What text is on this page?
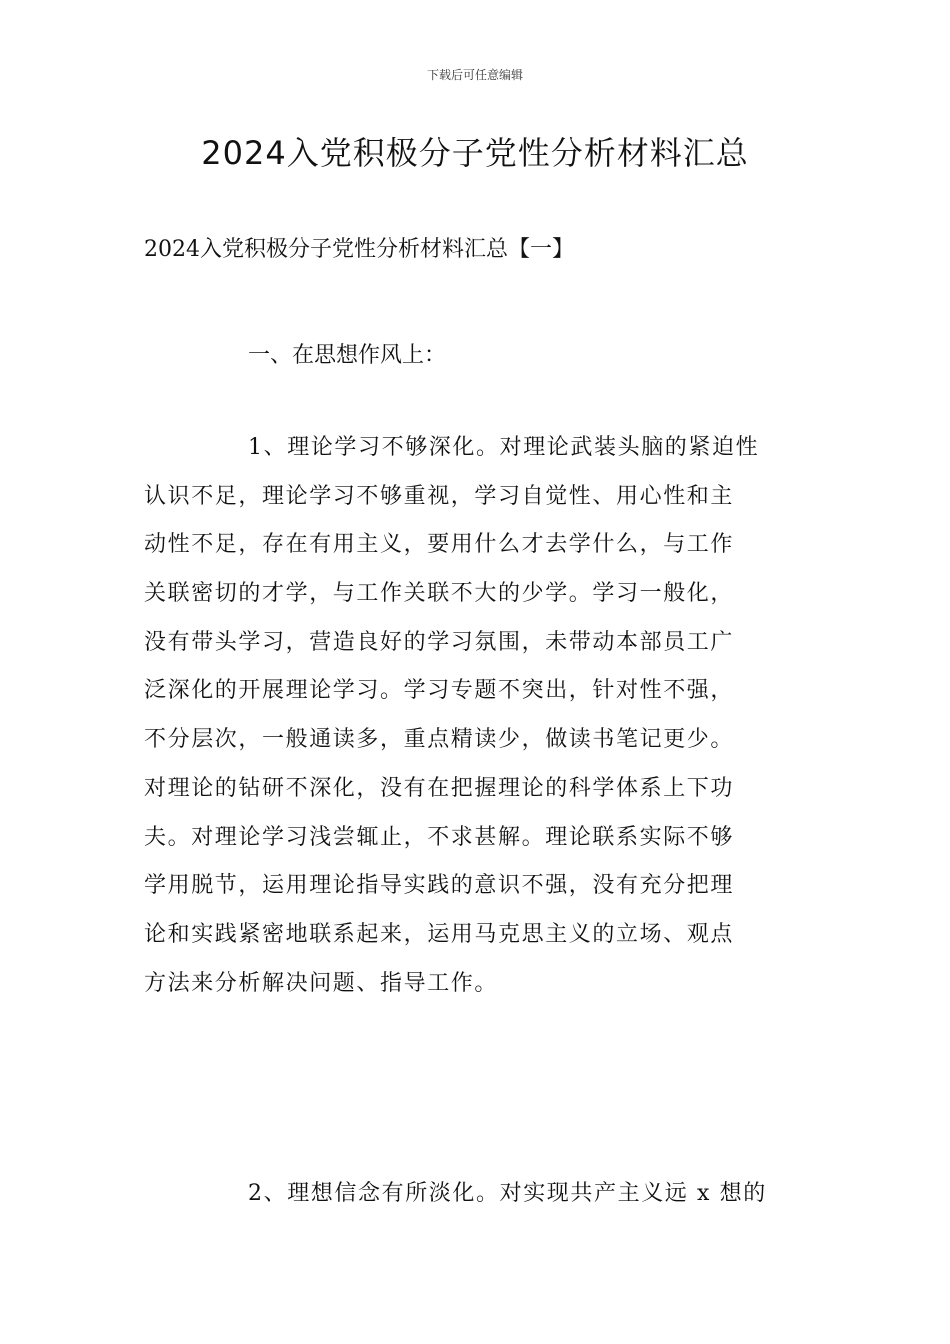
下载后可任意编辑
2024入党积极分子党性分析材料汇总
2024入党积极分子党性分析材料汇总【一】
一、在思想作风上：
1、理论学习不够深化。对理论武装头脑的紧迫性
认识不足，理论学习不够重视，学习自觉性、用心性和主
动性不足，存在有用主义，要用什么才去学什么，与工作
关联密切的才学，与工作关联不大的少学。学习一般化，
没有带头学习，营造良好的学习氛围，未带动本部员工广
泛深化的开展理论学习。学习专题不突出，针对性不强，
不分层次，一般通读多，重点精读少，做读书笔记更少。
对理论的钻研不深化，没有在把握理论的科学体系上下功
夫。对理论学习浅尝辄止，不求甚解。理论联系实际不够
学用脱节，运用理论指导实践的意识不强，没有充分把理
论和实践紧密地联系起来，运用马克思主义的立场、观点
方法来分析解决问题、指导工作。
2、理想信念有所淡化。对实现共产主义远 x 想的
